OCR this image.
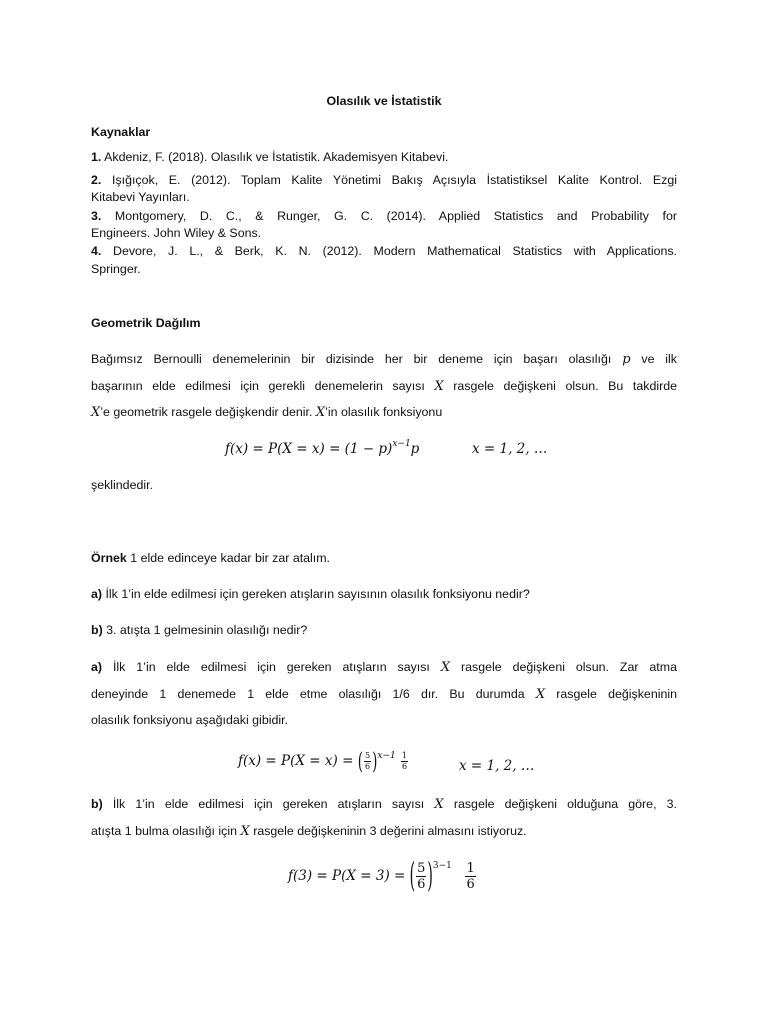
Olasılık ve İstatistik

Kaynaklar

1. Akdeniz, F. (2018). Olasılık ve İstatistik. Akademisyen Kitabevi.

2. Işığıçok, E. (2012). Toplam Kalite Yönetimi Bakış Açısıyla İstatistiksel Kalite Kontrol. Ezgi

Kitabevi Yayınları.

3. Montgomery, D. C., & Runger, G. C. (2014). Applied Statistics and Probability for

Engineers. John Wiley & Sons.

4. Devore, J. L., & Berk, K. N. (2012). Modern Mathematical Statistics with Applications.

Springer.

Geometrik Dağılım

Bağımsız Bernoulli denemelerinin bir dizisinde her bir deneme için başarı olasılığı p ve ilk

başarının elde edilmesi için gerekli denemelerin sayısı X rasgele değişkeni olsun. Bu takdirde

X’e geometrik rasgele değişkendir denir. X’in olasılık fonksiyonu

$f(x) = P(X = x) = (1 - p)^{x-1}p$	x = 1, 2, …

şeklindedir.

Örnek 1 elde edinceye kadar bir zar atalım.

a) İlk 1’in elde edilmesi için gereken atışların sayısının olasılık fonksiyonu nedir?

b) 3. atışta 1 gelmesinin olasılığı nedir?

a) İlk 1’in elde edilmesi için gereken atışların sayısı X rasgele değişkeni olsun. Zar atma

deneyinde 1 denemede 1 elde etme olasılığı 1/6 dır. Bu durumda X rasgele değişkeninin

olasılık fonksiyonu aşağıdaki gibidir.

f(x) = P(X = x) = ( $\frac{5}{6} )^{x-1} \frac{1}{6}$	x = 1, 2, …

b) İlk 1’in elde edilmesi için gereken atışların sayısı X rasgele değişkeni olduğuna göre, 3.

atışta 1 bulma olasılığı için X rasgele değişkeninin 3 değerini almasını istiyoruz.

f(3) = P(X = 3) = ( $\frac{5}{6} )^{3-1} \frac{1}{6}$
